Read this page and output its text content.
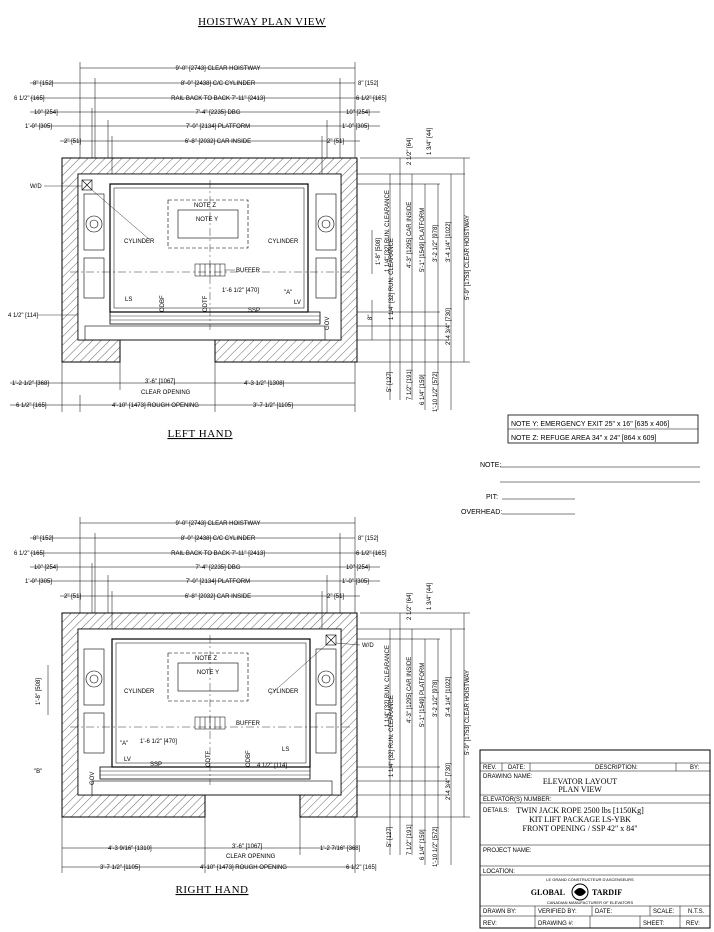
HOISTWAY PLAN VIEW
9'-0" [2743] CLEAR HOISTWAY
8'-0" [2438] C/C CYLINDER
RAIL BACK TO BACK 7'-11" [2413]
7'-4" [2235] DBG
7'-0" [2134] PLATFORM
6'-8" [2032] CAR INSIDE
8" [152]	8" [152]
6 1/2" [165]	6 1/2" [165]
10" [254]	10" [254]
1'-0" [305]	1'-0" [305]
2" [51]	2" [51]
NOTE Z
NOTE Y
W/D
CYLINDER	CYLINDER
BUFFER
LS	LV
1'-6 1/2" [470]	"A"
SSP
4 1/2" [114]
ODBF	ODTF
GOV
2 1/2" [64] 1 3/4" [44]
1 1/4" [32] RUN. CLEARANCE	4'-3" [1295] CAR INSIDE 5'-1" [1549] PLATFORM 3'-2 1/2" [978] 3'-4 1/4" [1022] 5'-9" [1753] CLEAR HOISTWAY
1'-8" [508]
8"	1 1/4" [32] RUN. CLEARANCE
5" [127] 7 1/2" [191] 6 1/4" [159] 1'-10 1/2" [572]
2'-4 3/4" [730]
1'-2 1/2" [368]	3'-6" [1067]
CLEAR OPENING
4'-3 1/2" [1308]
6 1/2" [165]	4'-10" [1473] ROUGH OPENING	3'-7 1/2" [1105]
LEFT HAND
NOTE Y: EMERGENCY EXIT 25" x 16" [635 x 406]
NOTE Z: REFUGE AREA 34" x 24" [864 x 609]
NOTE:
PIT:
OVERHEAD:
9'-0" [2743] CLEAR HOISTWAY
8'-0" [2438] C/C CYLINDER
RAIL BACK TO BACK 7'-11" [2413]
7'-4" [2235] DBG
7'-0" [2134] PLATFORM
6'-8" [2032] CAR INSIDE
8" [152]	8" [152]
6 1/2" [165]	6 1/2" [165]
10" [254]	10" [254]
1'-0" [305]	1'-0" [305]
2" [51]	2" [51]
NOTE Z
NOTE Y
W/D
CYLINDER	CYLINDER
BUFFER
LS
LV
1'-6 1/2" [470]
"A"
SSP	4 1/2" [114]
ODTF	ODBF
GOV
"B"
1'-8" [508]
2 1/2" [64] 1 3/4" [44]
1 1/4" [32] RUN. CLEARANCE	4'-3" [1295] CAR INSIDE 5'-1" [1549] PLATFORM 3'-2 1/2" [978] 3'-4 1/4" [1022] 5'-9" [1753] CLEAR HOISTWAY
1 1/4" [32] RUN. CLEARANCE
5" [127] 7 1/2" [191] 6 1/4" [159] 1'-10 1/2" [572]
2'-4 3/4" [730]
4'-3 9/16" [1310]	3'-6" [1067]
CLEAR OPENING
1'-2 7/16" [368]
3'-7 1/2" [1105]	4'-10" [1473] ROUGH OPENING	6 1/2" [165]
RIGHT HAND
REV. DATE:	DESCRIPTION:	BY:
DRAWING NAME: ELEVATOR LAYOUT
PLAN VIEW
ELEVATOR(S) NUMBER:
DETAILS: TWIN JACK ROPE 2500 lbs [1150Kg]
KIT LIFT PACKAGE LS-YBK
FRONT OPENING / SSP 42" x 84"
PROJECT NAME:
LOCATION:
LE GRAND CONSTRUCTEUR D'ASCENSEURS
GLOBAL	TARDIF
CANADIAN MANUFACTURER OF ELEVATORS
DRAWN BY:	VERIFIED BY:	DATE:	SCALE: N.T.S.
REV:	DRAWING #:	SHEET:	REV:
